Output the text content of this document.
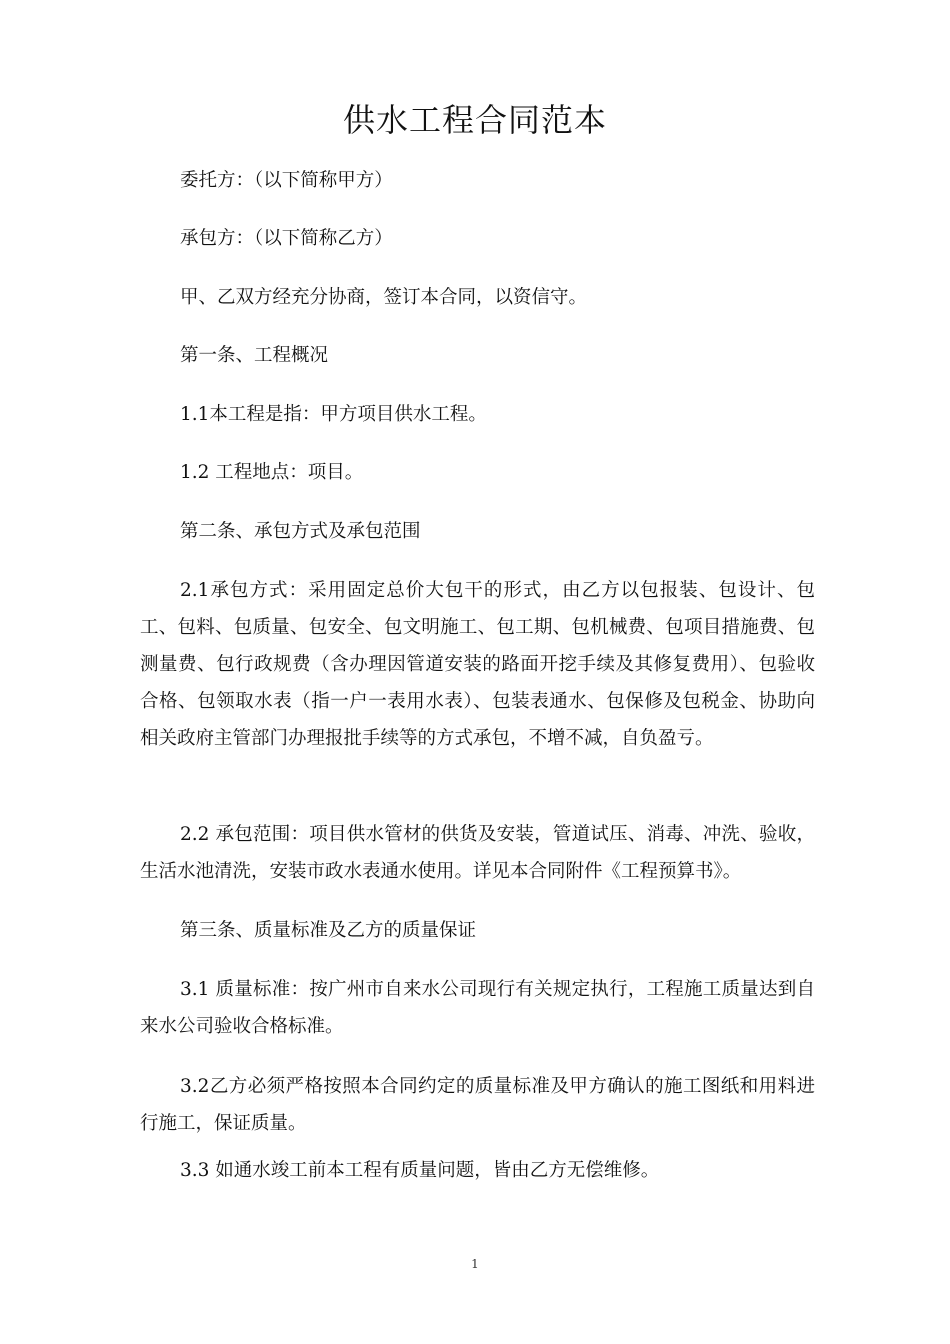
供水工程合同范本

委托方：（以下简称甲方）

承包方：（以下简称乙方）

甲、乙双方经充分协商，签订本合同，以资信守。

第一条、工程概况

1.1本工程是指：甲方项目供水工程。

1.2 工程地点：项目。

第二条、承包方式及承包范围

2.1承包方式：采用固定总价大包干的形式，由乙方以包报装、包设计、包工、包料、包质量、包安全、包文明施工、包工期、包机械费、包项目措施费、包测量费、包行政规费（含办理因管道安装的路面开挖手续及其修复费用）、包验收合格、包领取水表（指一户一表用水表）、包装表通水、包保修及包税金、协助向相关政府主管部门办理报批手续等的方式承包，不增不减，自负盈亏。

2.2 承包范围：项目供水管材的供货及安装，管道试压、消毒、冲洗、验收，生活水池清洗，安装市政水表通水使用。详见本合同附件《工程预算书》。

第三条、质量标准及乙方的质量保证

3.1 质量标准：按广州市自来水公司现行有关规定执行，工程施工质量达到自来水公司验收合格标准。

3.2乙方必须严格按照本合同约定的质量标准及甲方确认的施工图纸和用料进行施工，保证质量。

3.3 如通水竣工前本工程有质量问题，皆由乙方无偿维修。

1
